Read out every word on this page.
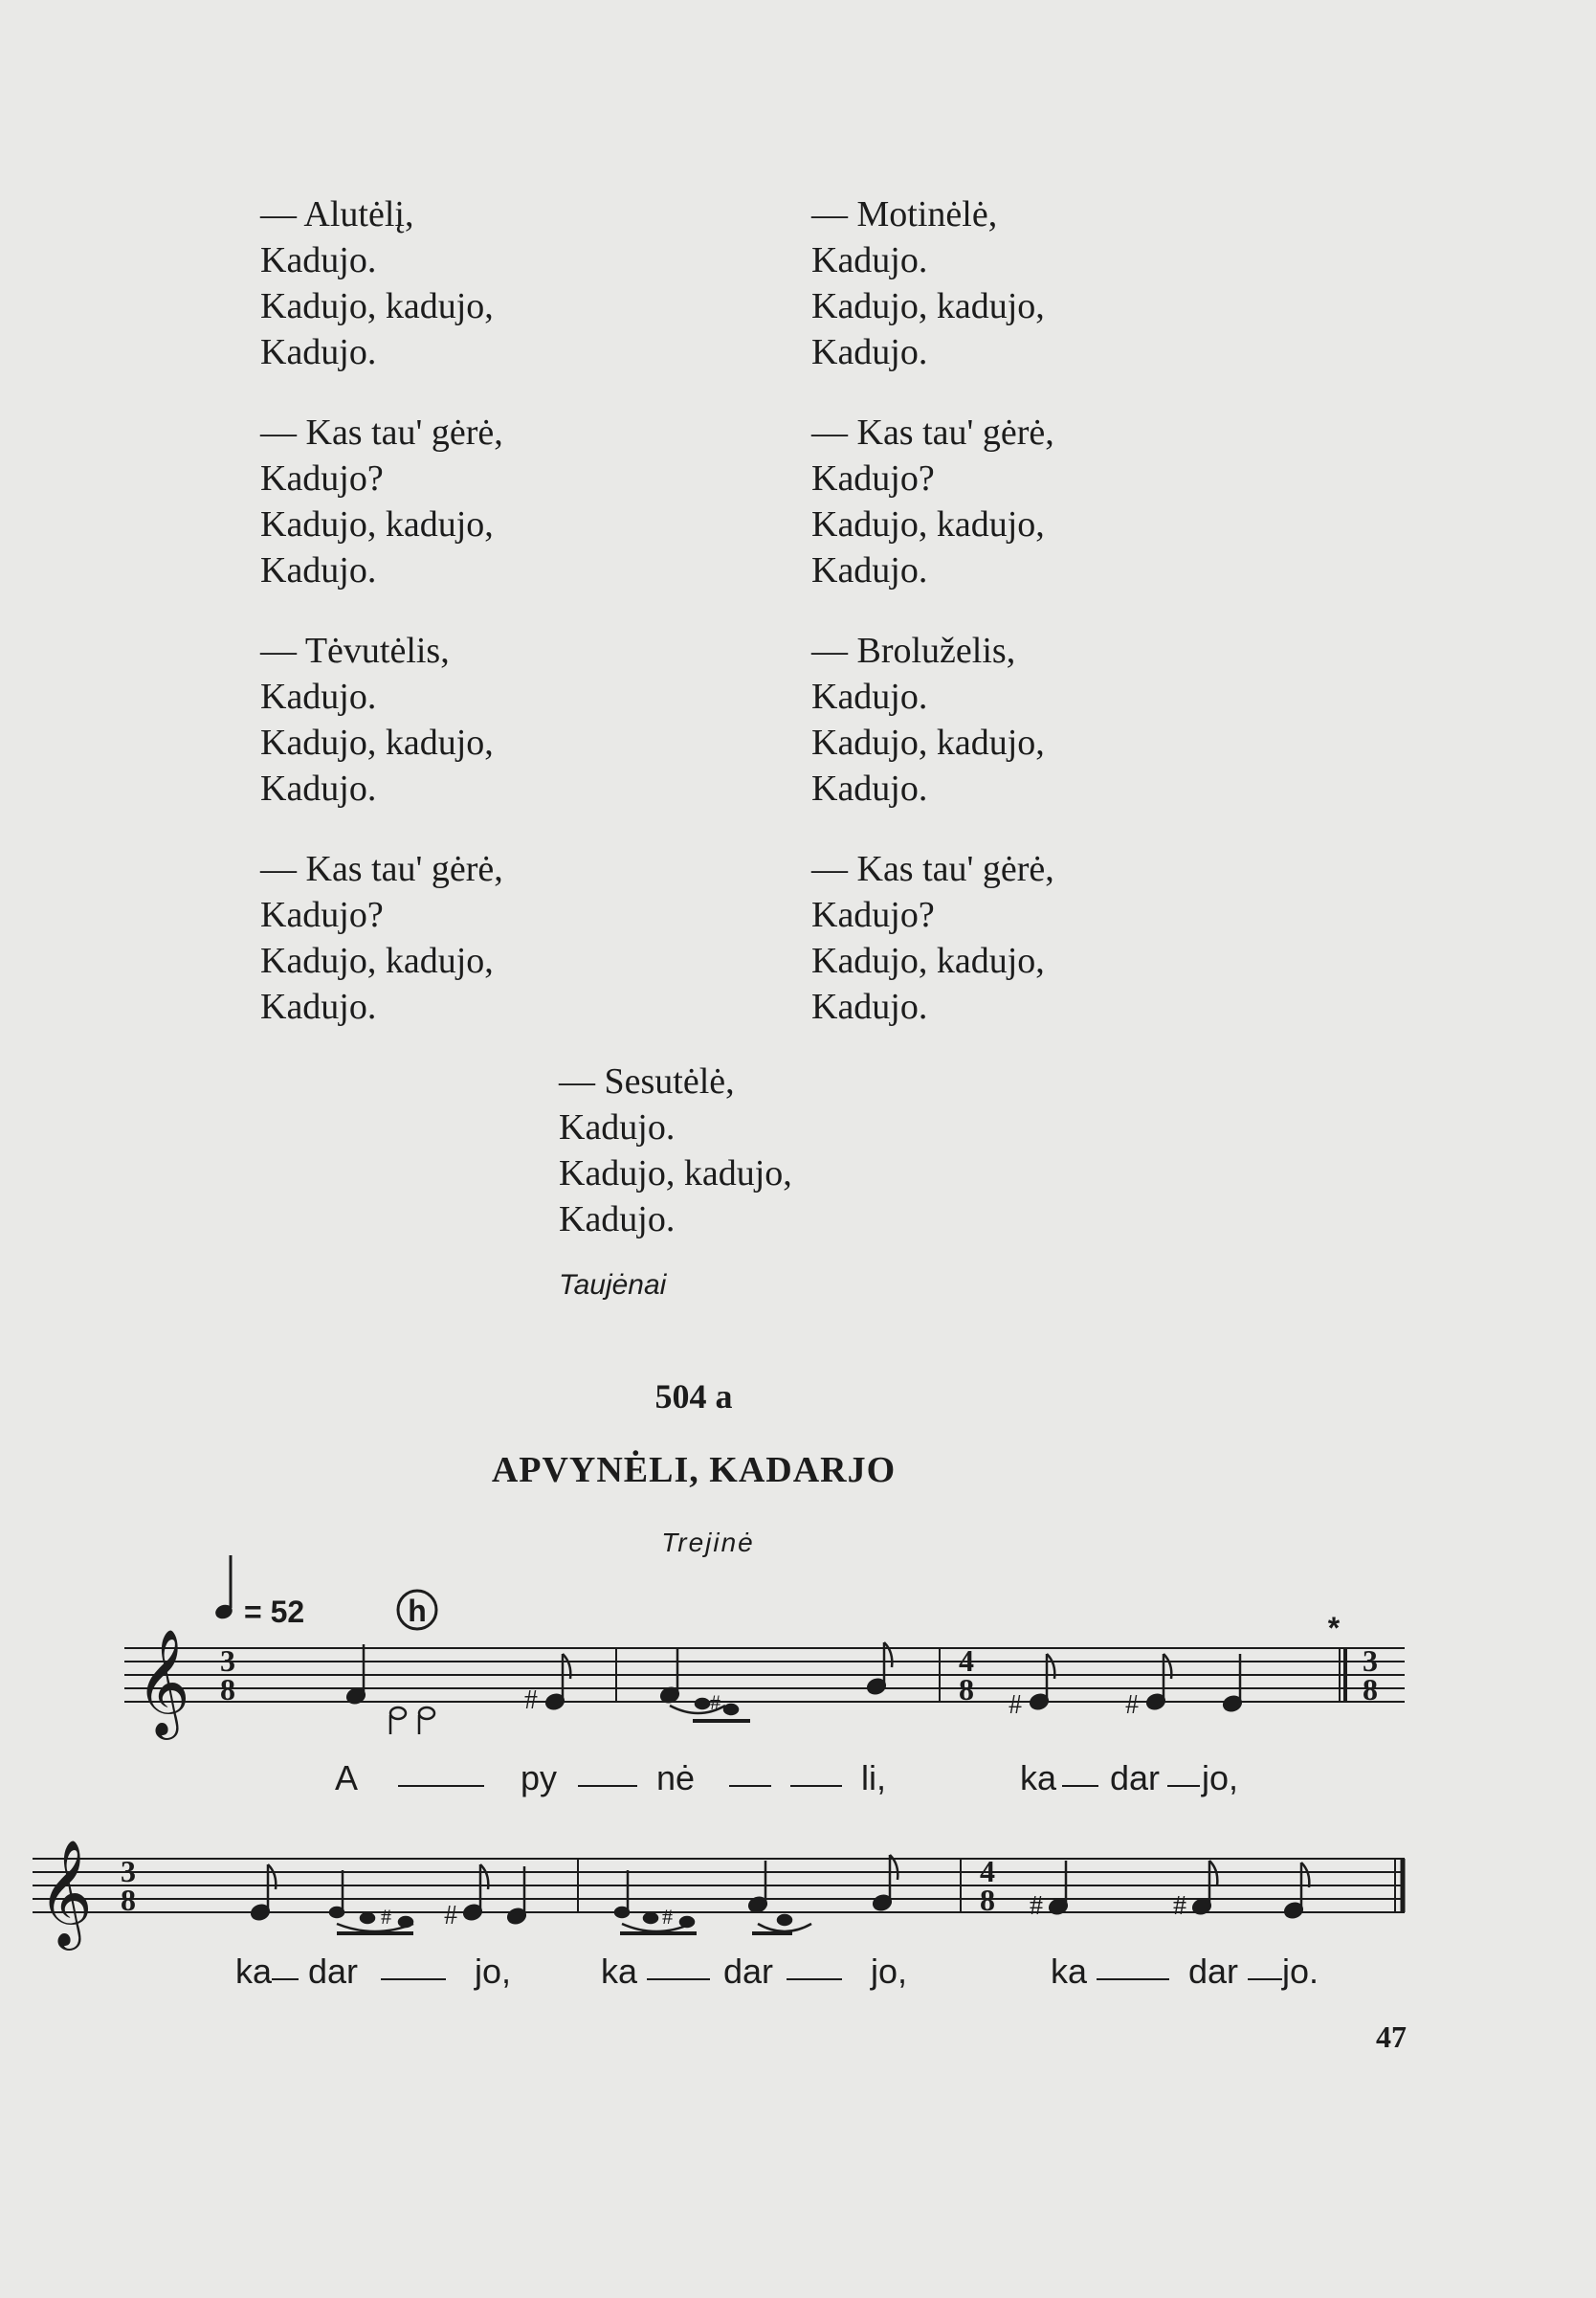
— Alutėlį,
Kadujo.
Kadujo, kadujo,
Kadujo.
— Kas tau' gėrė,
Kadujo?
Kadujo, kadujo,
Kadujo.
— Tėvutėlis,
Kadujo.
Kadujo, kadujo,
Kadujo.
— Kas tau' gėrė,
Kadujo?
Kadujo, kadujo,
Kadujo.
— Motinėlė,
Kadujo.
Kadujo, kadujo,
Kadujo.
— Kas tau' gėrė,
Kadujo?
Kadujo, kadujo,
Kadujo.
— Broluželis,
Kadujo.
Kadujo, kadujo,
Kadujo.
— Kas tau' gėrė,
Kadujo?
Kadujo, kadujo,
Kadujo.
— Sesutėlė,
Kadujo.
Kadujo, kadujo,
Kadujo.
Taujėnai
504 a
APVYNĖLI, KADARJO
Trejinė
= 52	h	*
𝄞 3
8
4
8
3
8
#	#	#	#
A	py	nė	li,	ka dar jo,
𝄞 3
8
4
8
# #	#	#	#
ka dar	jo,	ka dar	jo,	ka	dar jo.
47
